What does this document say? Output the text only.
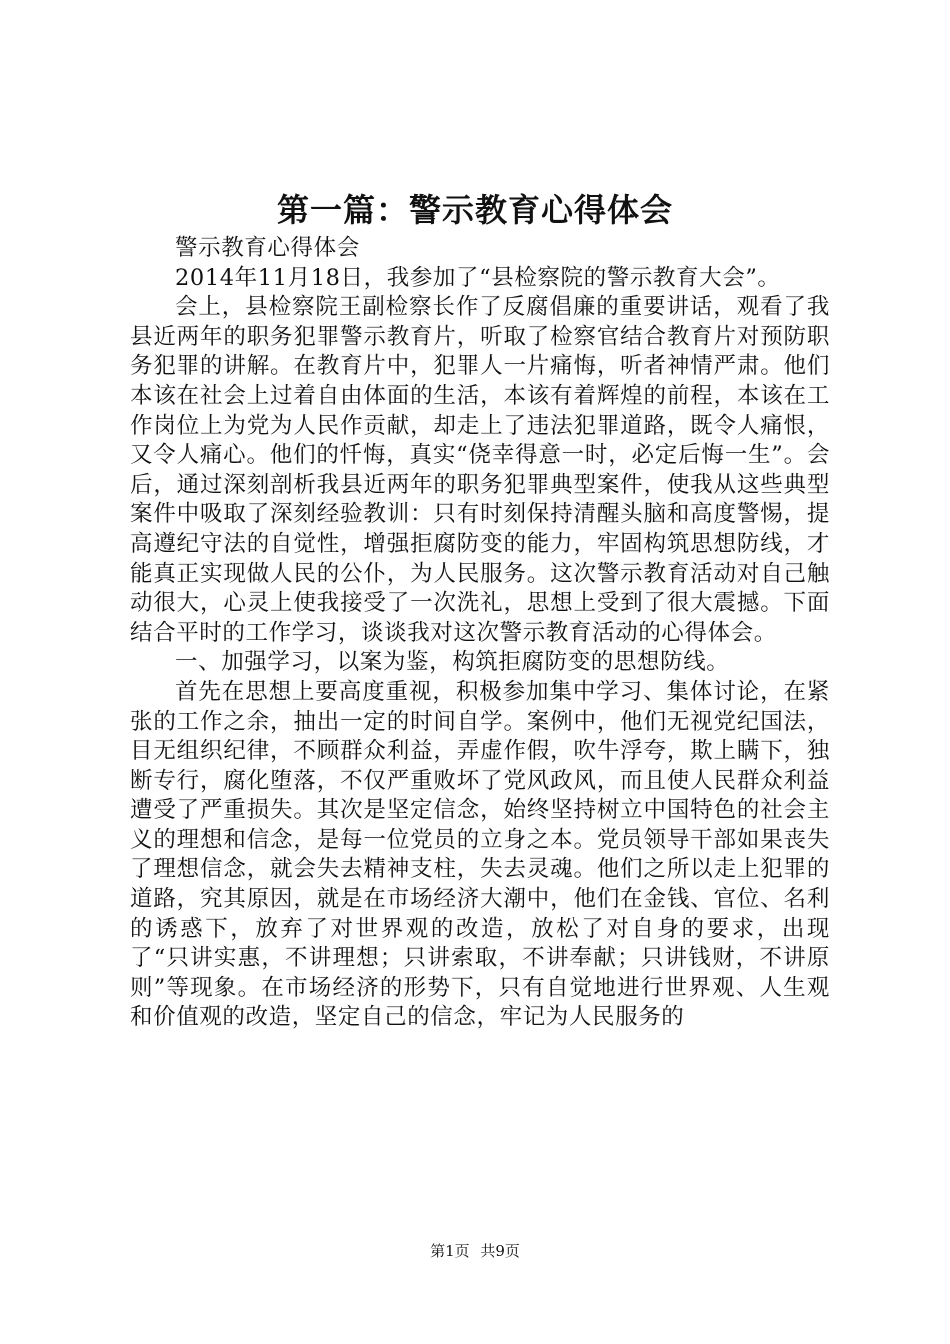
第一篇：警示教育心得体会

警示教育心得体会

2014年11月18日，我参加了“县检察院的警示教育大会”。

会上，县检察院王副检察长作了反腐倡廉的重要讲话，观看了我县近两年的职务犯罪警示教育片，听取了检察官结合教育片对预防职务犯罪的讲解。在教育片中，犯罪人一片痛悔，听者神情严肃。他们本该在社会上过着自由体面的生活，本该有着辉煌的前程，本该在工作岗位上为党为人民作贡献，却走上了违法犯罪道路，既令人痛恨，又令人痛心。他们的忏悔，真实“侥幸得意一时，必定后悔一生”。会后，通过深刻剖析我县近两年的职务犯罪典型案件，使我从这些典型案件中吸取了深刻经验教训：只有时刻保持清醒头脑和高度警惕，提高遵纪守法的自觉性，增强拒腐防变的能力，牢固构筑思想防线，才能真正实现做人民的公仆，为人民服务。这次警示教育活动对自己触动很大，心灵上使我接受了一次洗礼，思想上受到了很大震撼。下面结合平时的工作学习，谈谈我对这次警示教育活动的心得体会。

一、加强学习，以案为鉴，构筑拒腐防变的思想防线。

首先在思想上要高度重视，积极参加集中学习、集体讨论，在紧张的工作之余，抽出一定的时间自学。案例中，他们无视党纪国法，目无组织纪律，不顾群众利益，弄虚作假，吹牛浮夸，欺上瞒下，独断专行，腐化堕落，不仅严重败坏了党风政风，而且使人民群众利益遭受了严重损失。其次是坚定信念，始终坚持树立中国特色的社会主义的理想和信念，是每一位党员的立身之本。党员领导干部如果丧失了理想信念，就会失去精神支柱，失去灵魂。他们之所以走上犯罪的道路，究其原因，就是在市场经济大潮中，他们在金钱、官位、名利的诱惑下，放弃了对世界观的改造，放松了对自身的要求，出现了“只讲实惠，不讲理想；只讲索取，不讲奉献；只讲钱财，不讲原则”等现象。在市场经济的形势下，只有自觉地进行世界观、人生观和价值观的改造，坚定自己的信念，牢记为人民服务的

第1页 共9页
